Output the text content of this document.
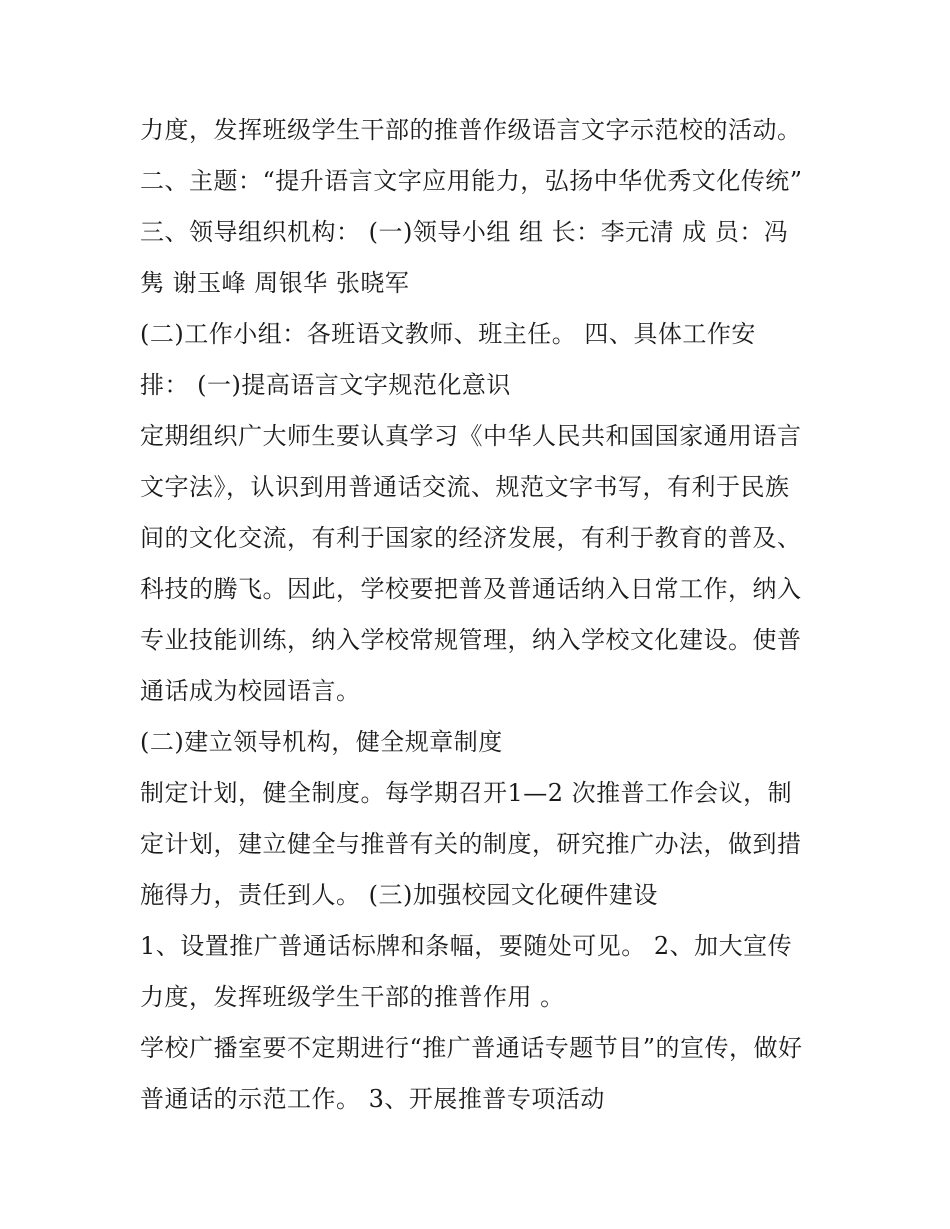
力度，发挥班级学生干部的推普作级语言文字示范校的活动。
二、主题：“提升语言文字应用能力，弘扬中华优秀文化传统”
三、领导组织机构： (一)领导小组 组 长：李元清 成 员：冯
隽 谢玉峰 周银华 张晓军
(二)工作小组：各班语文教师、班主任。 四、具体工作安
排： (一)提高语言文字规范化意识
定期组织广大师生要认真学习《中华人民共和国国家通用语言
文字法》，认识到用普通话交流、规范文字书写，有利于民族
间的文化交流，有利于国家的经济发展，有利于教育的普及、
科技的腾飞。因此，学校要把普及普通话纳入日常工作，纳入
专业技能训练，纳入学校常规管理，纳入学校文化建设。使普
通话成为校园语言。
(二)建立领导机构，健全规章制度
制定计划，健全制度。每学期召开1—2 次推普工作会议，制
定计划，建立健全与推普有关的制度，研究推广办法，做到措
施得力，责任到人。 (三)加强校园文化硬件建设
1、设置推广普通话标牌和条幅，要随处可见。 2、加大宣传
力度，发挥班级学生干部的推普作用 。
学校广播室要不定期进行“推广普通话专题节目”的宣传，做好
普通话的示范工作。 3、开展推普专项活动
